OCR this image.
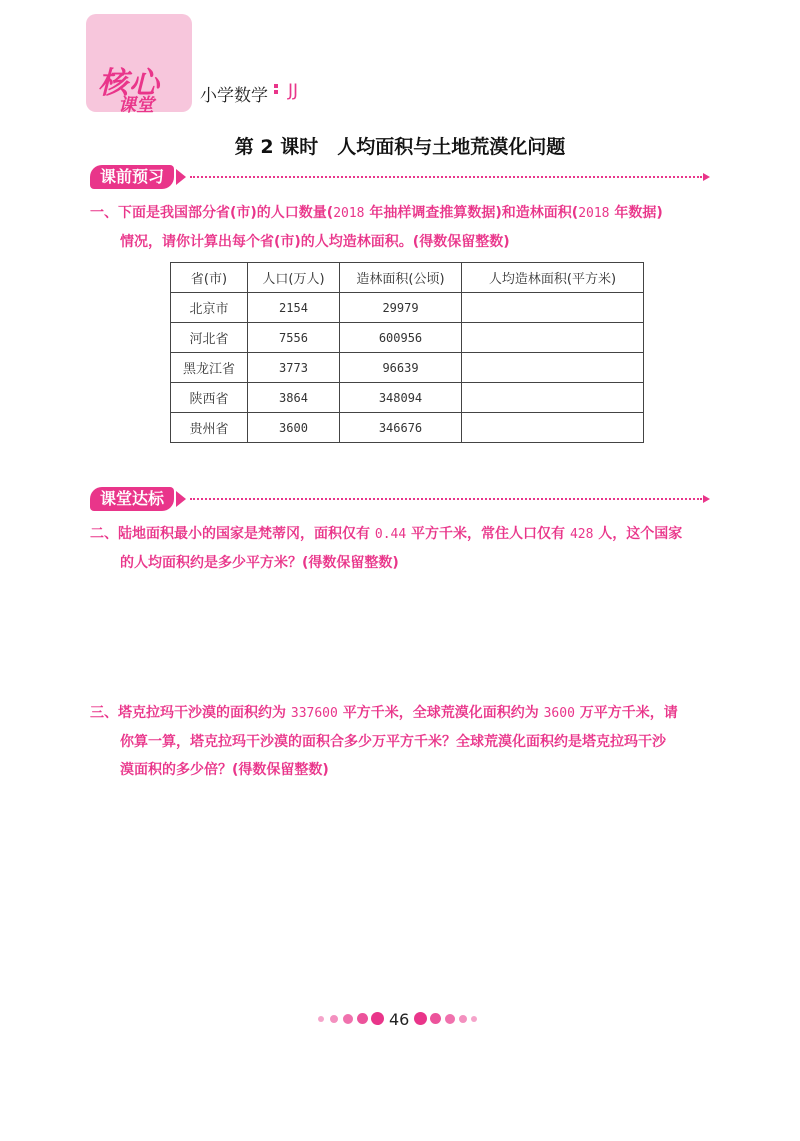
核心
课堂	小学数学 JJ
第 2 课时　人均面积与土地荒漠化问题
课前预习
一、下面是我国部分省(市)的人口数量(2018 年抽样调查推算数据)和造林面积(2018 年数据)
情况，请你计算出每个省(市)的人均造林面积。(得数保留整数)
省(市)	人口(万人)	造林面积(公顷)	人均造林面积(平方米)
北京市	2154	29979	
河北省	7556	600956	
黑龙江省	3773	96639	
陕西省	3864	348094	
贵州省	3600	346676	
课堂达标
二、陆地面积最小的国家是梵蒂冈，面积仅有 0.44 平方千米，常住人口仅有 428 人，这个国家
的人均面积约是多少平方米？(得数保留整数)
三、塔克拉玛干沙漠的面积约为 337600 平方千米，全球荒漠化面积约为 3600 万平方千米，请
你算一算，塔克拉玛干沙漠的面积合多少万平方千米？全球荒漠化面积约是塔克拉玛干沙
漠面积的多少倍？(得数保留整数)
46
